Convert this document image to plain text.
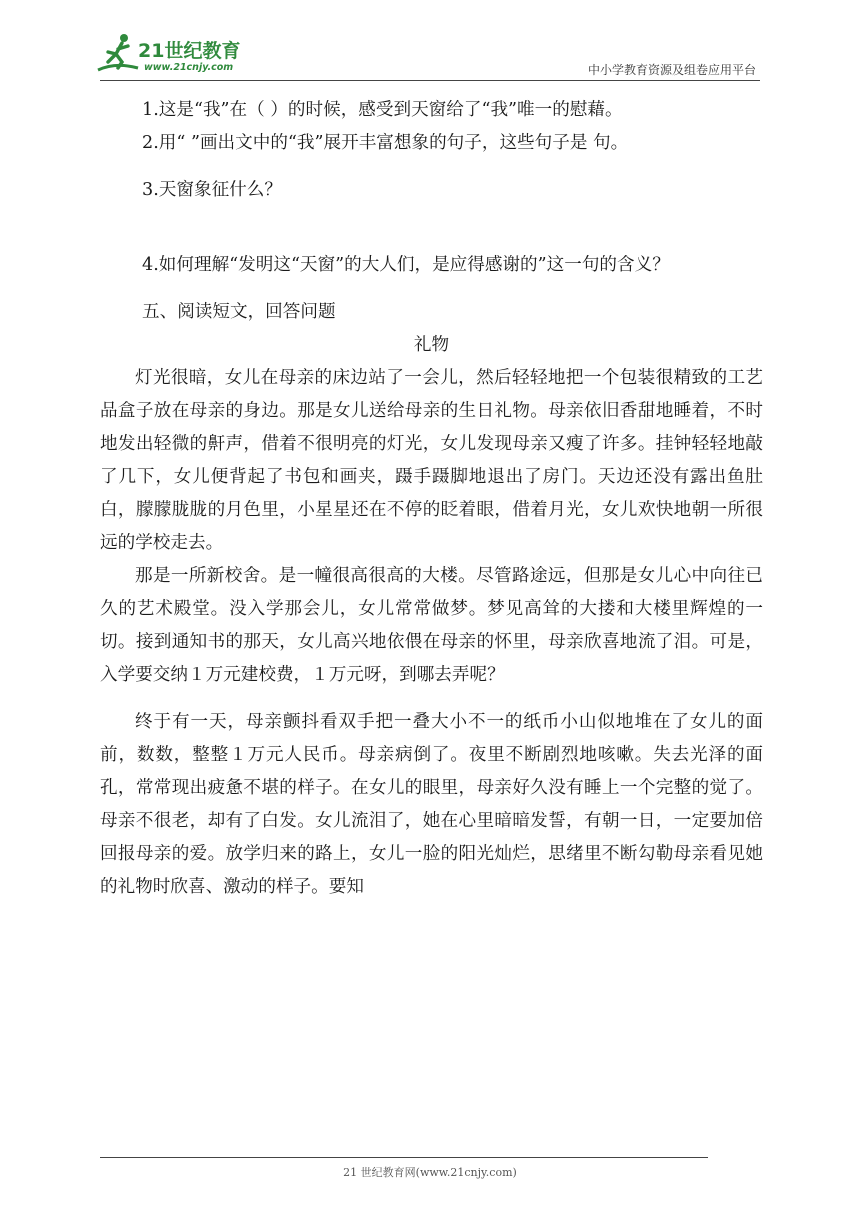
21世纪教育
www.21cnjy.com	中小学教育资源及组卷应用平台

1.这是“我”在（ ）的时候，感受到天窗给了“我”唯一的慰藉。

2.用“ ”画出文中的“我”展开丰富想象的句子，这些句子是 句。

3.天窗象征什么？

4.如何理解“发明这“天窗”的大人们，是应得感谢的”这一句的含义？

五、阅读短文，回答问题

礼物

灯光很暗，女儿在母亲的床边站了一会儿，然后轻轻地把一个包装很精致的工艺品盒子放在母亲的身边。那是女儿送给母亲的生日礼物。母亲依旧香甜地睡着，不时地发出轻微的鼾声，借着不很明亮的灯光，女儿发现母亲又瘦了许多。挂钟轻轻地敲了几下，女儿便背起了书包和画夹，蹑手蹑脚地退出了房门。天边还没有露出鱼肚白，朦朦胧胧的月色里，小星星还在不停的眨着眼，借着月光，女儿欢快地朝一所很远的学校走去。

那是一所新校舍。是一幢很高很高的大楼。尽管路途远，但那是女儿心中向往已久的艺术殿堂。没入学那会儿，女儿常常做梦。梦见高耸的大搂和大楼里辉煌的一切。接到通知书的那天，女儿高兴地依偎在母亲的怀里，母亲欣喜地流了泪。可是，入学要交纳１万元建校费，１万元呀，到哪去弄呢？

终于有一天，母亲颤抖看双手把一叠大小不一的纸币小山似地堆在了女儿的面前，数数，整整１万元人民币。母亲病倒了。夜里不断剧烈地咳嗽。失去光泽的面孔，常常现出疲惫不堪的样子。在女儿的眼里，母亲好久没有睡上一个完整的觉了。母亲不很老，却有了白发。女儿流泪了，她在心里暗暗发誓，有朝一日，一定要加倍回报母亲的爱。放学归来的路上，女儿一脸的阳光灿烂，思绪里不断勾勒母亲看见她的礼物时欣喜、激动的样子。要知

21 世纪教育网(www.21cnjy.com)
